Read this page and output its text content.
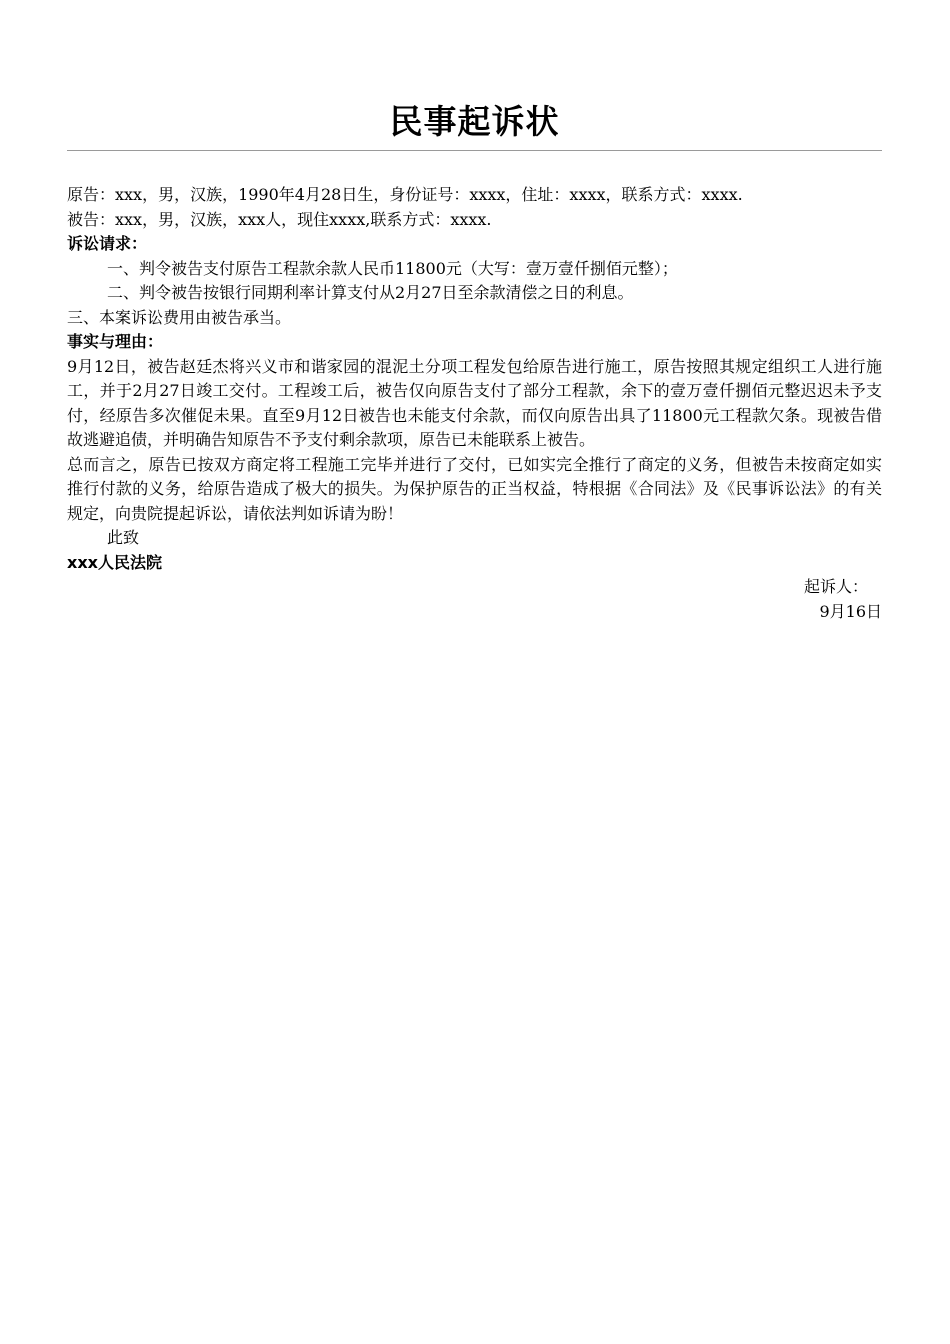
民事起诉状

原告：xxx，男，汉族，1990年4月28日生，身份证号：xxxx，住址：xxxx，联系方式：xxxx.

被告：xxx，男，汉族，xxx人，现住xxxx,联系方式：xxxx.

诉讼请求：

一、判令被告支付原告工程款余款人民币11800元（大写：壹万壹仟捌佰元整）；

二、判令被告按银行同期利率计算支付从2月27日至余款清偿之日的利息。

三、本案诉讼费用由被告承当。

事实与理由：

9月12日，被告赵廷杰将兴义市和谐家园的混泥土分项工程发包给原告进行施工，原告按照其规定组织工人进行施工，并于2月27日竣工交付。工程竣工后，被告仅向原告支付了部分工程款，余下的壹万壹仟捌佰元整迟迟未予支付，经原告多次催促未果。直至9月12日被告也未能支付余款，而仅向原告出具了11800元工程款欠条。现被告借故逃避追债，并明确告知原告不予支付剩余款项，原告已未能联系上被告。

总而言之，原告已按双方商定将工程施工完毕并进行了交付，已如实完全推行了商定的义务，但被告未按商定如实推行付款的义务，给原告造成了极大的损失。为保护原告的正当权益，特根据《合同法》及《民事诉讼法》的有关规定，向贵院提起诉讼，请依法判如诉请为盼！

此致

xxx人民法院

起诉人：

9月16日
